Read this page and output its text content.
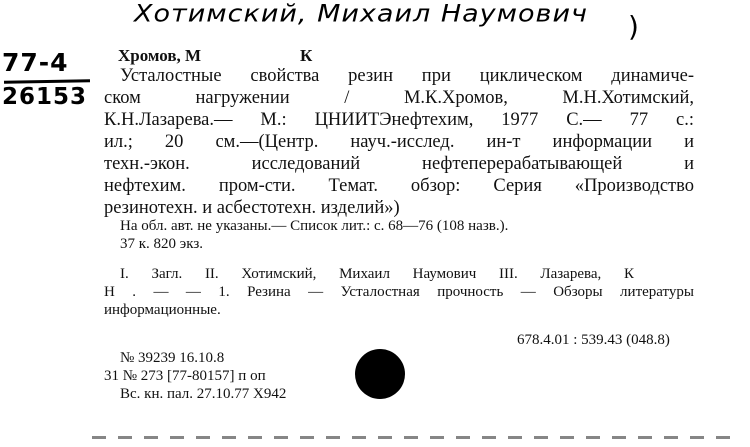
Хотимский, Михаил Наумович )
77-4
26153
Хромов, М	К
Усталостные свойства резин при циклическом динамиче-
ском нагружении / М.К.Хромов, М.Н.Хотимский,
К.Н.Лазарева.— М.: ЦНИИТЭнефтехим, 1977 С.— 77 с.:
ил.; 20 см.—(Центр. науч.-исслед. ин-т информации и
техн.-экон. исследований нефтеперерабатывающей и
нефтехим. пром-сти. Темат. обзор: Серия «Производство
резинотехн. и асбестотехн. изделий»)
На обл. авт. не указаны.— Список лит.: с. 68—76 (108 назв.).
37 к. 820 экз.
I. Загл. II. Хотимский, Михаил Наумович III. Лазарева, К
Н . — — 1. Резина — Усталостная прочность — Обзоры литературы
информационные.
678.4.01 : 539.43 (048.8)
№ 39239 16.10.8
31 № 273 [77-80157] п оп
Вс. кн. пал. 27.10.77 Х942
